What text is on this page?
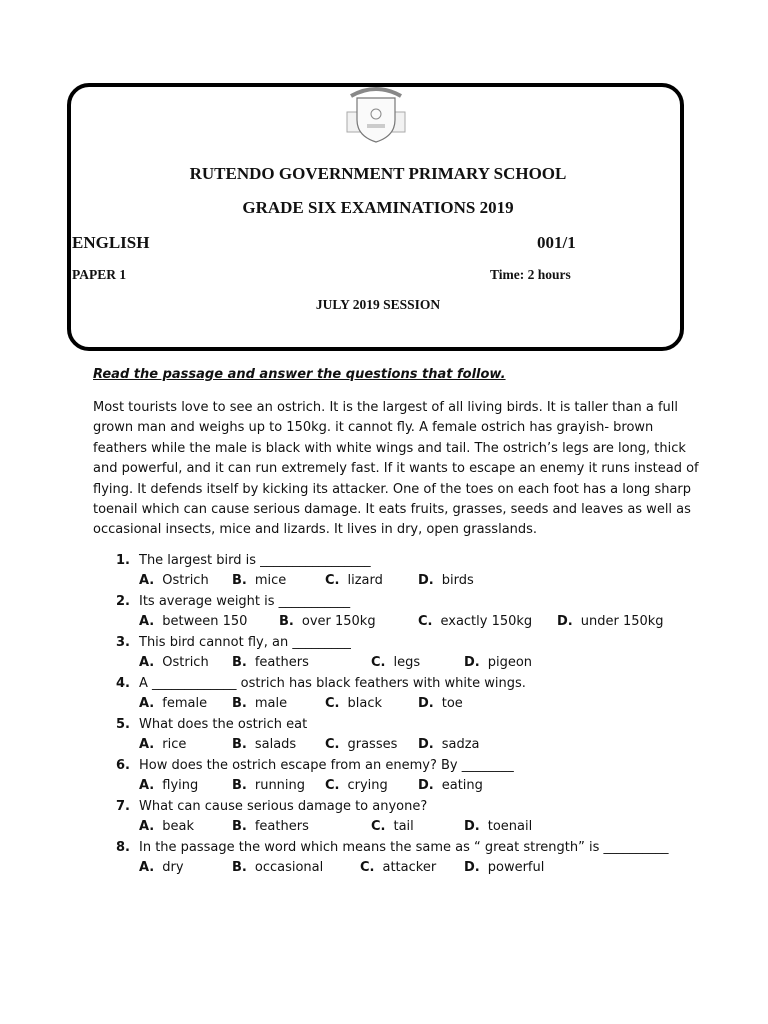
RUTENDO GOVERNMENT PRIMARY SCHOOL
GRADE SIX EXAMINATIONS 2019
ENGLISH	001/1
PAPER 1	Time: 2 hours
JULY 2019 SESSION
Read the passage and answer the questions that follow.
Most tourists love to see an ostrich. It is the largest of all living birds. It is taller than a full
grown man and weighs up to 150kg. it cannot fly. A female ostrich has grayish- brown
feathers while the male is black with white wings and tail. The ostrich’s legs are long, thick
and powerful, and it can run extremely fast. If it wants to escape an enemy it runs instead of
flying. It defends itself by kicking its attacker. One of the toes on each foot has a long sharp
toenail which can cause serious damage. It eats fruits, grasses, seeds and leaves as well as
occasional insects, mice and lizards. It lives in dry, open grasslands.
1. The largest bird is _________________
A. Ostrich B. mice	C. lizard	D. birds
2. Its average weight is ___________
A. between 150 B. over 150kg	C. exactly 150kg D. under 150kg
3. This bird cannot fly, an _________
A. Ostrich B. feathers	C. legs	D. pigeon
4. A _____________ ostrich has black feathers with white wings.
A. female B. male	C. black	D. toe
5. What does the ostrich eat
A. rice	B. salads C. grasses D. sadza
6. How does the ostrich escape from an enemy? By ________
A. flying	B. running C. crying D. eating
7. What can cause serious damage to anyone?
A. beak	B. feathers	C. tail	D. toenail
8. In the passage the word which means the same as “ great strength” is __________
A. dry	B. occasional	C. attacker D. powerful
